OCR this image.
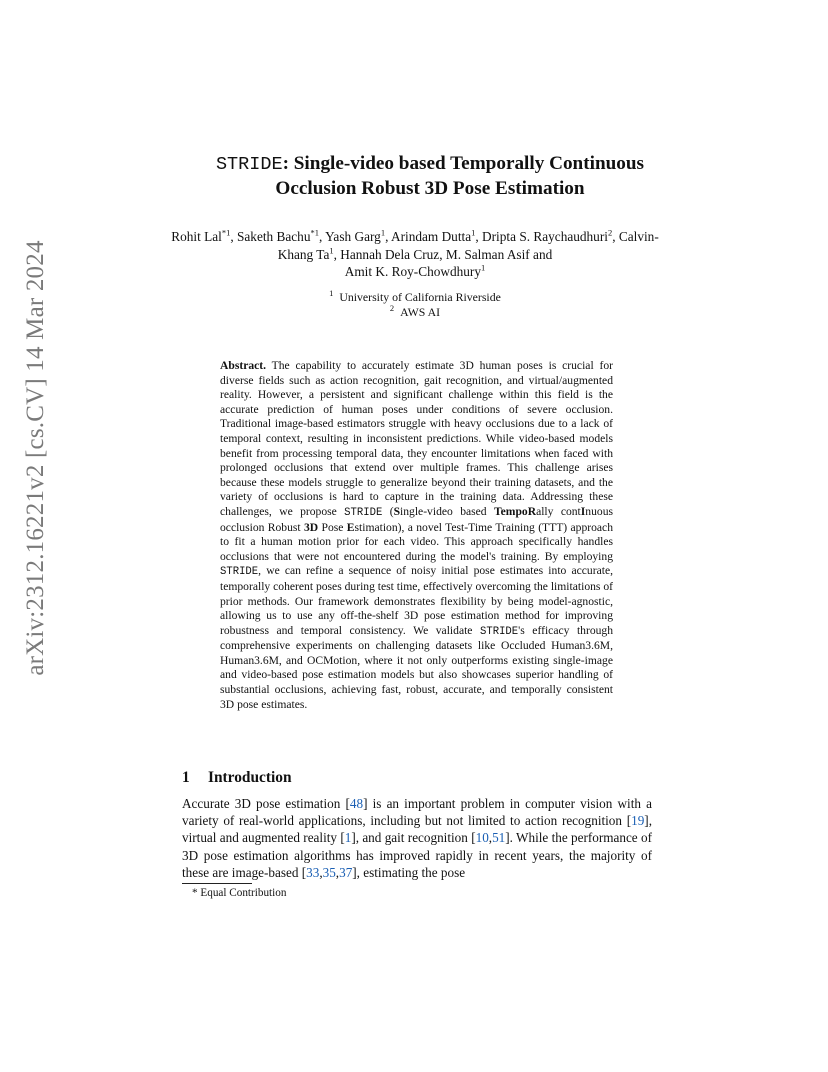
arXiv:2312.16221v2 [cs.CV] 14 Mar 2024
STRIDE: Single-video based Temporally Continuous
Occlusion Robust 3D Pose Estimation
Rohit Lal$^{*1}$, Saketh Bachu$^{*1}$, Yash Garg$^1$, Arindam Dutta$^1$, Dripta S. Raychaudhuri$^2$, Calvin-Khang Ta$^1$, Hannah Dela Cruz, M. Salman Asif and
Amit K. Roy-Chowdhury$^1$
$^1$ University of California Riverside
$^2$ AWS AI
Abstract. The capability to accurately estimate 3D human poses is crucial for diverse fields such as action recognition, gait recognition, and virtual/augmented reality. However, a persistent and significant challenge within this field is the accurate prediction of human poses under conditions of severe occlusion. Traditional image-based estimators struggle with heavy occlusions due to a lack of temporal context, resulting in inconsistent predictions. While video-based models benefit from processing temporal data, they encounter limitations when faced with prolonged occlusions that extend over multiple frames. This challenge arises because these models struggle to generalize beyond their training datasets, and the variety of occlusions is hard to capture in the training data. Addressing these challenges, we propose STRIDE (Single-video based TempoRally contInuous occlusion Robust 3D Pose Estimation), a novel Test-Time Training (TTT) approach to fit a human motion prior for each video. This approach specifically handles occlusions that were not encountered during the model's training. By employing STRIDE, we can refine a sequence of noisy initial pose estimates into accurate, temporally coherent poses during test time, effectively overcoming the limitations of prior methods. Our framework demonstrates flexibility by being model-agnostic, allowing us to use any off-the-shelf 3D pose estimation method for improving robustness and temporal consistency. We validate STRIDE's efficacy through comprehensive experiments on challenging datasets like Occluded Human3.6M, Human3.6M, and OCMotion, where it not only outperforms existing single-image and video-based pose estimation models but also showcases superior handling of substantial occlusions, achieving fast, robust, accurate, and temporally consistent 3D pose estimates.
1 Introduction
Accurate 3D pose estimation [48] is an important problem in computer vision with a variety of real-world applications, including but not limited to action recognition [19], virtual and augmented reality [1], and gait recognition [10,51]. While the performance of 3D pose estimation algorithms has improved rapidly in recent years, the majority of these are image-based [33,35,37], estimating the pose
* Equal Contribution
